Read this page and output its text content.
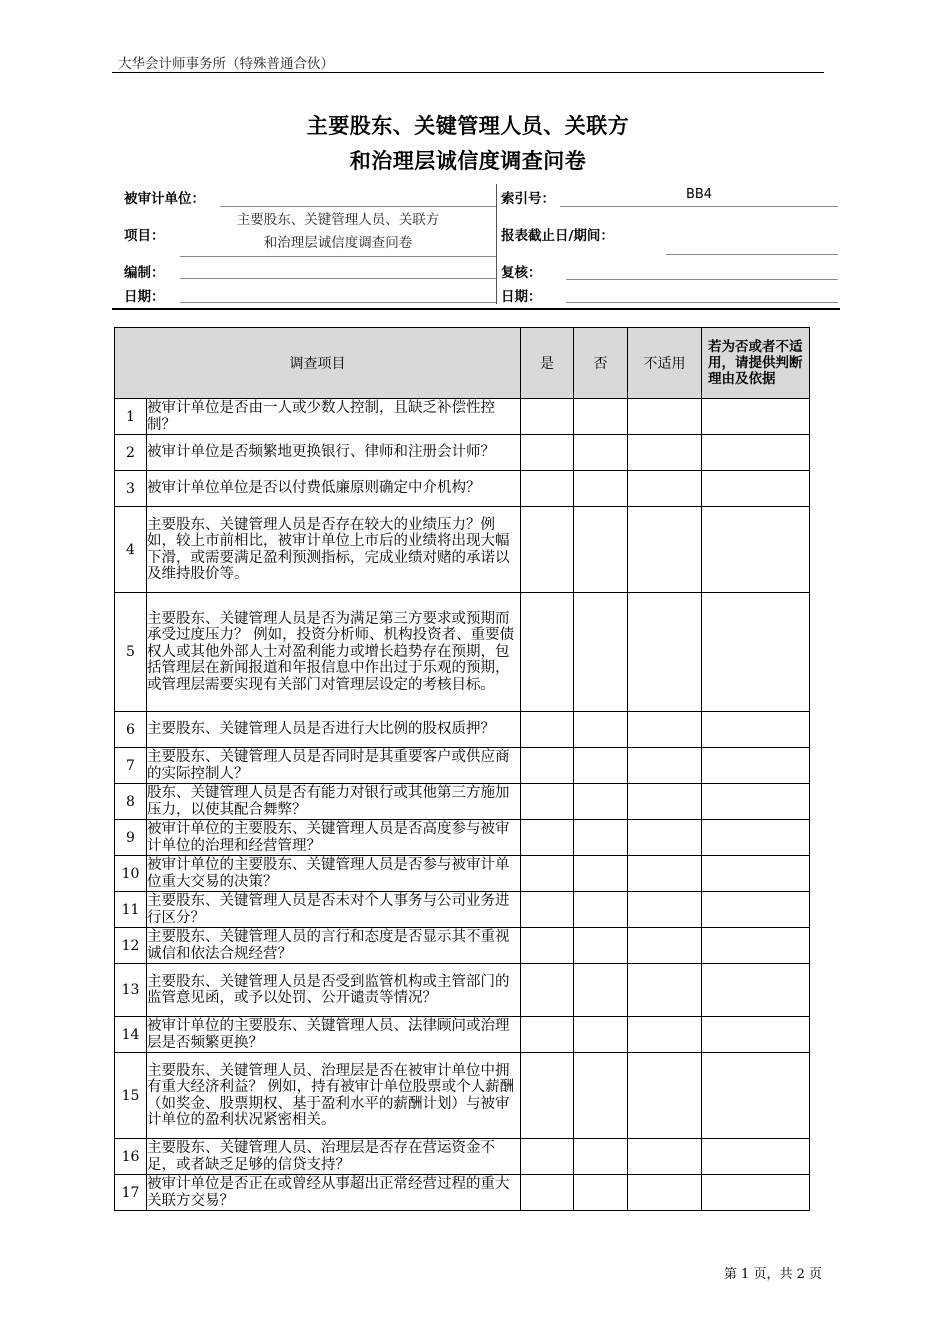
大华会计师事务所（特殊普通合伙）
主要股东、关键管理人员、关联方
和治理层诚信度调查问卷
被审计单位：	索引号：	BB4
项目：
主要股东、关键管理人员、关联方
和治理层诚信度调查问卷	报表截止日/期间：
编制：	复核：
日期：	日期：
调查项目		是	否	不适用	若为否或者不适用，请提供判断理由及依据
1	被审计单位是否由一人或少数人控制，且缺乏补偿性控制？				
2	被审计单位是否频繁地更换银行、律师和注册会计师？				
3	被审计单位单位是否以付费低廉原则确定中介机构？				
4	主要股东、关键管理人员是否存在较大的业绩压力？例如，较上市前相比，被审计单位上市后的业绩将出现大幅下滑，或需要满足盈利预测指标，完成业绩对赌的承诺以及维持股价等。				
5	主要股东、关键管理人员是否为满足第三方要求或预期而承受过度压力？ 例如，投资分析师、机构投资者、重要债权人或其他外部人士对盈利能力或增长趋势存在预期，包括管理层在新闻报道和年报信息中作出过于乐观的预期，或管理层需要实现有关部门对管理层设定的考核目标。				
6	主要股东、关键管理人员是否进行大比例的股权质押？				
7	主要股东、关键管理人员是否同时是其重要客户或供应商的实际控制人？				
8	股东、关键管理人员是否有能力对银行或其他第三方施加压力，以使其配合舞弊？				
9	被审计单位的主要股东、关键管理人员是否高度参与被审计单位的治理和经营管理？				
10	被审计单位的主要股东、关键管理人员是否参与被审计单位重大交易的决策？				
11	主要股东、关键管理人员是否未对个人事务与公司业务进行区分？				
12	主要股东、关键管理人员的言行和态度是否显示其不重视诚信和依法合规经营？				
13	主要股东、关键管理人员是否受到监管机构或主管部门的监管意见函，或予以处罚、公开谴责等情况？				
14	被审计单位的主要股东、关键管理人员、法律顾问或治理层是否频繁更换？				
15	主要股东、关键管理人员、治理层是否在被审计单位中拥有重大经济利益？ 例如，持有被审计单位股票或个人薪酬（如奖金、股票期权、基于盈利水平的薪酬计划）与被审计单位的盈利状况紧密相关。				
16	主要股东、关键管理人员、治理层是否存在营运资金不足，或者缺乏足够的信贷支持？				
17	被审计单位是否正在或曾经从事超出正常经营过程的重大关联方交易？				
第 1 页，共 2 页
